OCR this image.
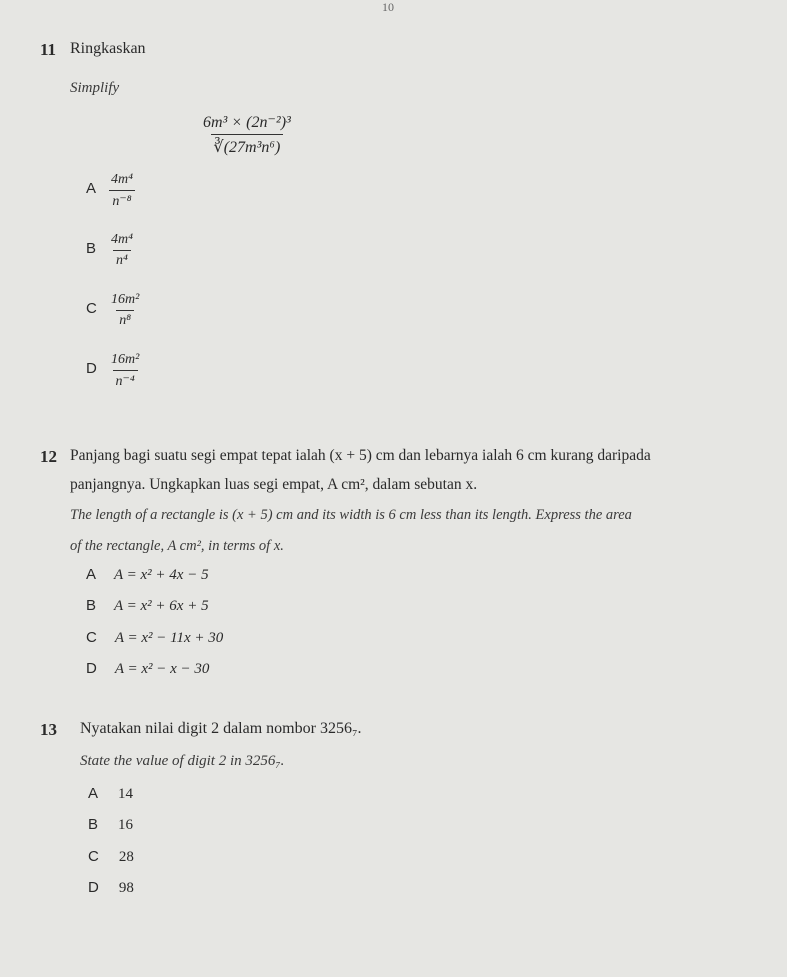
10
11 Ringkaskan
Simplify
$\frac{\text{6m³ × (2n⁻²)³}}{\text{∛(27m³n⁶)}}$
A $\frac{\text{4m⁴}}{\text{n⁻⁸}}$
B $\frac{\text{4m⁴}}{\text{n⁴}}$
C $\frac{\text{16m²}}{\text{n⁸}}$
D $\frac{\text{16m²}}{\text{n⁻⁴}}$
12 Panjang bagi suatu segi empat tepat ialah (x + 5) cm dan lebarnya ialah 6 cm kurang daripada
panjangnya. Ungkapkan luas segi empat, A cm², dalam sebutan x.
The length of a rectangle is (x + 5) cm and its width is 6 cm less than its length. Express the area
of the rectangle, A cm², in terms of x.
A A = x² + 4x − 5
B A = x² + 6x + 5
C A = x² − 11x + 30
D A = x² − x − 30
13 Nyatakan nilai digit 2 dalam nombor 3256₇.
State the value of digit 2 in 3256₇.
A 14
B 16
C 28
D 98
